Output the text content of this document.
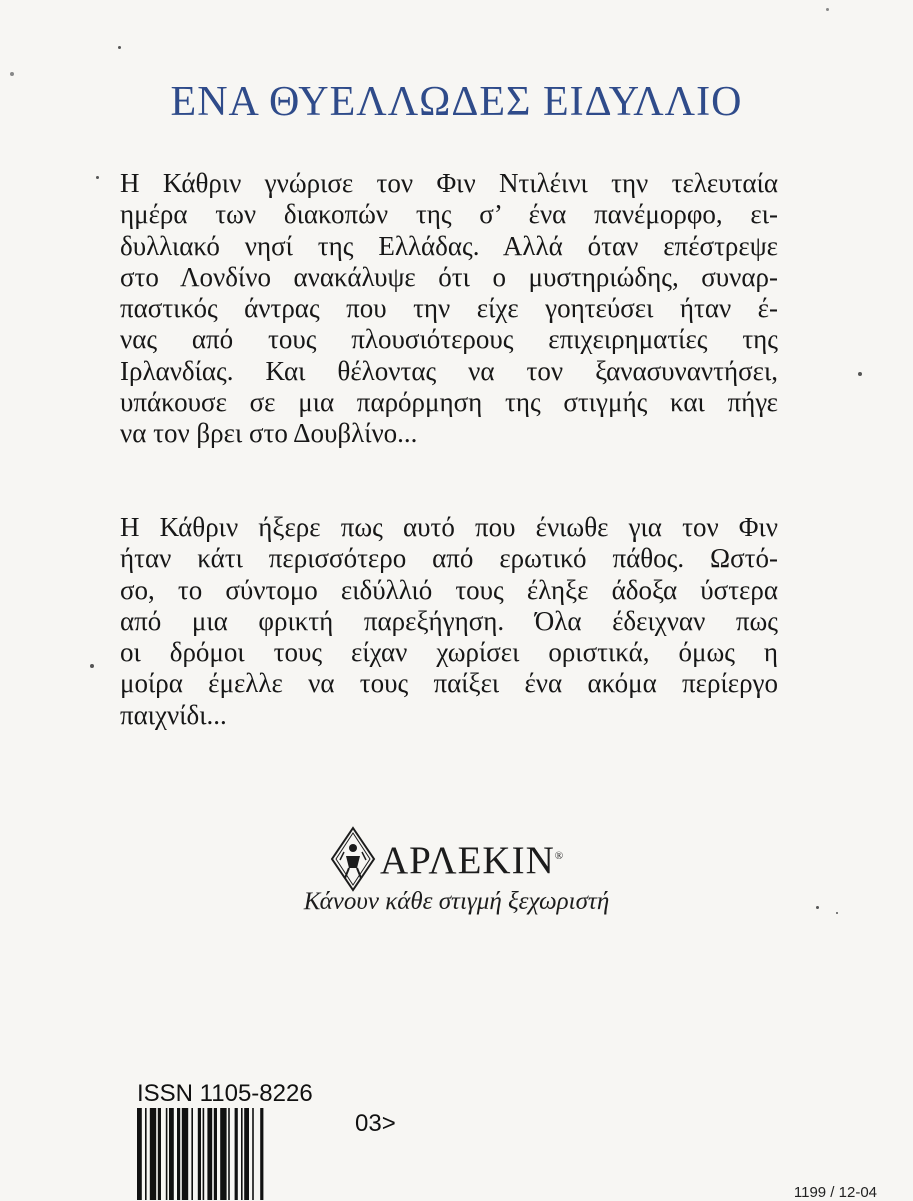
ΕΝΑ ΘΥΕΛΛΩΔΕΣ ΕΙΔΥΛΛΙΟ
Η Κάθριν γνώρισε τον Φιν Ντιλέινι την τελευταία
ημέρα των διακοπών της σ’ ένα πανέμορφο, ει-
δυλλιακό νησί της Ελλάδας. Αλλά όταν επέστρεψε
στο Λονδίνο ανακάλυψε ότι ο μυστηριώδης, συναρ-
παστικός άντρας που την είχε γοητεύσει ήταν έ-
νας από τους πλουσιότερους επιχειρηματίες της
Ιρλανδίας. Και θέλοντας να τον ξανασυναντήσει,
υπάκουσε σε μια παρόρμηση της στιγμής και πήγε
να τον βρει στο Δουβλίνο...
Η Κάθριν ήξερε πως αυτό που ένιωθε για τον Φιν
ήταν κάτι περισσότερο από ερωτικό πάθος. Ωστό-
σο, το σύντομο ειδύλλιό τους έληξε άδοξα ύστερα
από μια φρικτή παρεξήγηση. Όλα έδειχναν πως
οι δρόμοι τους είχαν χωρίσει οριστικά, όμως η
μοίρα έμελλε να τους παίξει ένα ακόμα περίεργο
παιχνίδι...
ΑΡΛΕΚΙΝ®
Κάνουν κάθε στιγμή ξεχωριστή
ISSN 1105-8226
03>
1199 / 12-04
